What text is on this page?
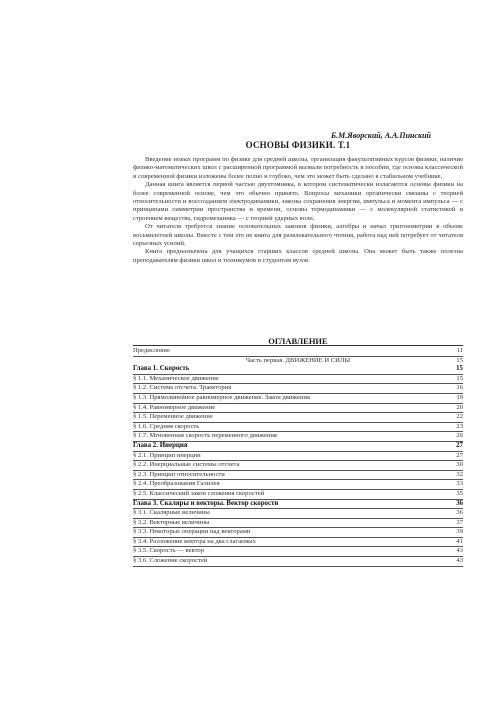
Б.М.Яворский, А.А.Пинский
ОСНОВЫ ФИЗИКИ. Т.1

Введение новых программ по физике для средней школы, организация факультативных курсов физики, наличие физико-математических школ с расширенной программой вызвали потребность в пособии, где основы классической и современной физики изложены более полно и глубоко, чем это может быть сделано в стабильном учебнике.

Данная книга является первой частью двухтомника, в котором систематически излагаются основы физики на более современной основе, чем это обычно принято. Вопросы механики органически связаны с теорией относительности и воссозданием электродинамики, законы сохранения энергии, импульса и момента импульса — с принципами симметрии пространства и времени, основы термодинамики — с молекулярной статистикой и строением вещества, гидромеханика — с теорией ударных волн.

От читателя требуется знание основательных законов физики, алгебры и начал тригонометрии в объеме восьмилетней школы. Вместе с тем это не книга для развлекательного чтения, работа над ней потребует от читателя серьезных усилий.

Книга предназначена для учащихся старших классов средней школы. Она может быть также полезна преподавателям физики школ и техникумов и студентам вузов.

ОГЛАВЛЕНИЕ
Предисловие	11
Часть первая. ДВИЖЕНИЕ И СИЛЫ	15
Глава 1. Скорость	15
§ 1.1. Механическое движение	15
§ 1.2. Система отсчета. Траектория	16
§ 1.3. Прямолинейное равномерное движение. Закон движения	19
§ 1.4. Равномерное движение	20
§ 1.5. Переменное движение	22
§ 1.6. Средняя скорость	23
§ 1.7. Мгновенная скорость переменного движения	26
Глава 2. Инерция	27
§ 2.1. Принцип инерции	27
§ 2.2. Инерциальные системы отсчета	30
§ 2.3. Принцип относительности	32
§ 2.4. Преобразования Галилея	33
§ 2.5. Классический закон сложения скоростей	35
Глава 3. Скаляры и векторы. Вектор скорости	36
§ 3.1. Скалярные величины	36
§ 3.2. Векторные величины	37
§ 3.3. Некоторые операции над векторами	39
§ 3.4. Разложение вектора на два слагаемых	41
§ 3.5. Скорость — вектор	43
§ 3.6. Сложение скоростей	43
